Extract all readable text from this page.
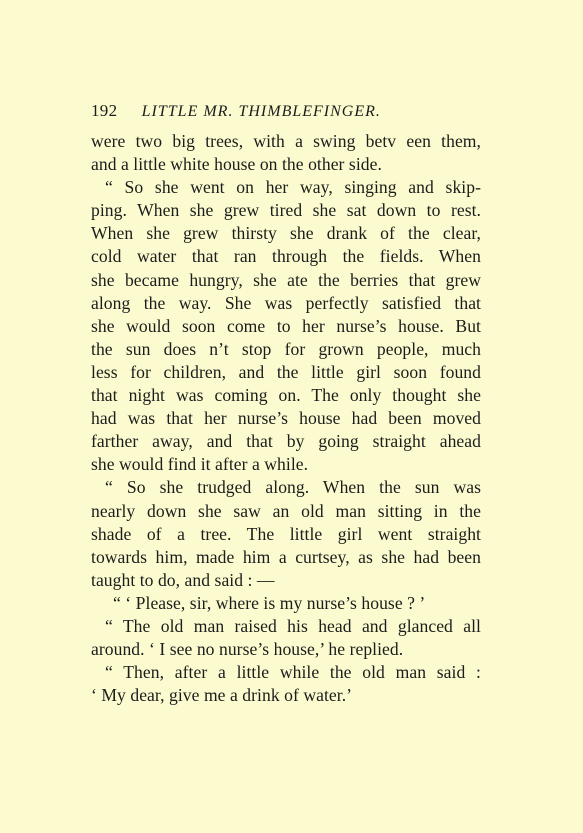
192 LITTLE MR. THIMBLEFINGER.
were two big trees, with a swing betv een them,
and a little white house on the other side.
“ So she went on her way, singing and skip-
ping. When she grew tired she sat down to rest.
When she grew thirsty she drank of the clear,
cold water that ran through the fields. When
she became hungry, she ate the berries that grew
along the way. She was perfectly satisfied that
she would soon come to her nurse’s house. But
the sun does n’t stop for grown people, much
less for children, and the little girl soon found
that night was coming on. The only thought she
had was that her nurse’s house had been moved
farther away, and that by going straight ahead
she would find it after a while.
“ So she trudged along. When the sun was
nearly down she saw an old man sitting in the
shade of a tree. The little girl went straight
towards him, made him a curtsey, as she had been
taught to do, and said : —
“ ‘ Please, sir, where is my nurse’s house ? ’
“ The old man raised his head and glanced all
around. ‘ I see no nurse’s house,’ he replied.
“ Then, after a little while the old man said :
‘ My dear, give me a drink of water.’
